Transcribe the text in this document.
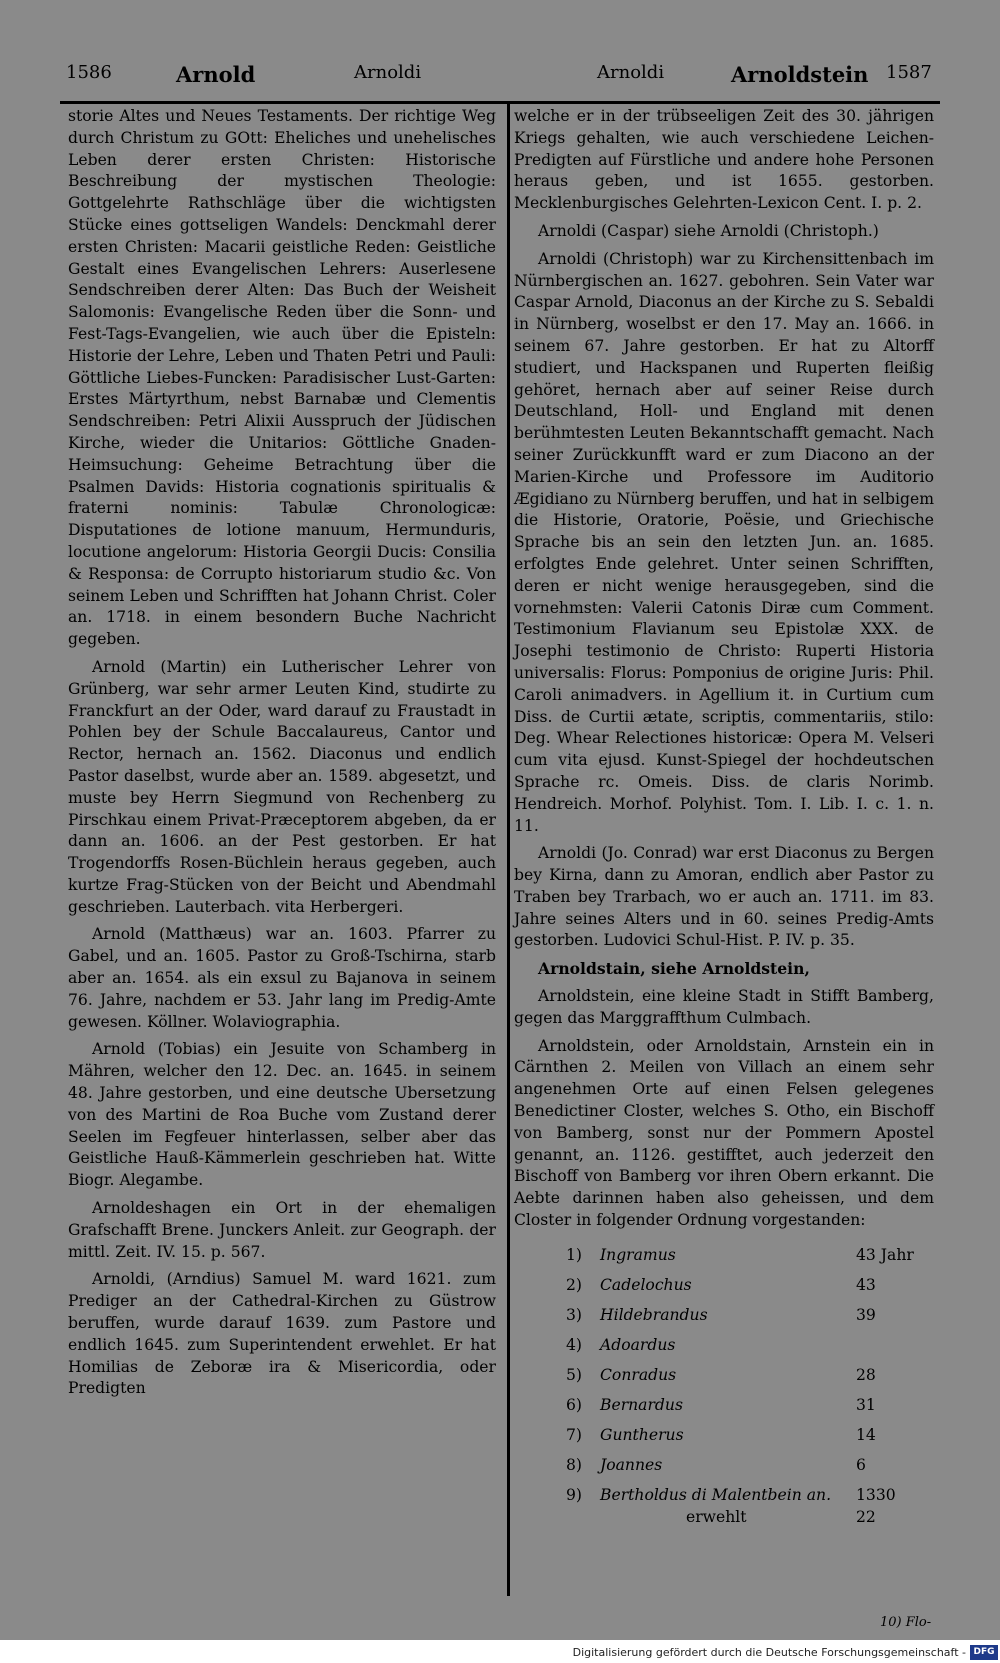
1586	Arnold	Arnoldi	Arnoldi	Arnoldstein 1587

storie Altes und Neues Testaments. Der richtige Weg durch Christum zu GOtt: Eheliches und unehelisches Leben derer ersten Christen: Historische Beschreibung der mystischen Theologie: Gottgelehrte Rathschläge über die wichtigsten Stücke eines gottseligen Wandels: Denckmahl derer ersten Christen: Macarii geistliche Reden: Geistliche Gestalt eines Evangelischen Lehrers: Auserlesene Sendschreiben derer Alten: Das Buch der Weisheit Salomonis: Evangelische Reden über die Sonn- und Fest-Tags-Evangelien, wie auch über die Episteln: Historie der Lehre, Leben und Thaten Petri und Pauli: Göttliche Liebes-Funcken: Paradisischer Lust-Garten: Erstes Märtyrthum, nebst Barnabæ und Clementis Sendschreiben: Petri Alixii Ausspruch der Jüdischen Kirche, wieder die Unitarios: Göttliche Gnaden-Heimsuchung: Geheime Betrachtung über die Psalmen Davids: Historia cognationis spiritualis & fraterni nominis: Tabulæ Chronologicæ: Disputationes de lotione manuum, Hermunduris, locutione angelorum: Historia Georgii Ducis: Consilia & Responsa: de Corrupto historiarum studio &c. Von seinem Leben und Schrifften hat Johann Christ. Coler an. 1718. in einem besondern Buche Nachricht gegeben.

Arnold (Martin) ein Lutherischer Lehrer von Grünberg, war sehr armer Leuten Kind, studirte zu Franckfurt an der Oder, ward darauf zu Fraustadt in Pohlen bey der Schule Baccalaureus, Cantor und Rector, hernach an. 1562. Diaconus und endlich Pastor daselbst, wurde aber an. 1589. abgesetzt, und muste bey Herrn Siegmund von Rechenberg zu Pirschkau einem Privat-Præceptorem abgeben, da er dann an. 1606. an der Pest gestorben. Er hat Trogendorffs Rosen-Büchlein heraus gegeben, auch kurtze Frag-Stücken von der Beicht und Abendmahl geschrieben. Lauterbach. vita Herbergeri.

Arnold (Matthæus) war an. 1603. Pfarrer zu Gabel, und an. 1605. Pastor zu Groß-Tschirna, starb aber an. 1654. als ein exsul zu Bajanova in seinem 76. Jahre, nachdem er 53. Jahr lang im Predig-Amte gewesen. Köllner. Wolaviographia.

Arnold (Tobias) ein Jesuite von Schamberg in Mähren, welcher den 12. Dec. an. 1645. in seinem 48. Jahre gestorben, und eine deutsche Ubersetzung von des Martini de Roa Buche vom Zustand derer Seelen im Fegfeuer hinterlassen, selber aber das Geistliche Hauß-Kämmerlein geschrieben hat. Witte Biogr. Alegambe.

Arnoldeshagen ein Ort in der ehemaligen Grafschafft Brene. Junckers Anleit. zur Geograph. der mittl. Zeit. IV. 15. p. 567.

Arnoldi, (Arndius) Samuel M. ward 1621. zum Prediger an der Cathedral-Kirchen zu Güstrow beruffen, wurde darauf 1639. zum Pastore und endlich 1645. zum Superintendent erwehlet. Er hat Homilias de Zeboræ ira & Misericordia, oder Predigten

welche er in der trübseeligen Zeit des 30. jährigen Kriegs gehalten, wie auch verschiedene Leichen-Predigten auf Fürstliche und andere hohe Personen heraus geben, und ist 1655. gestorben. Mecklenburgisches Gelehrten-Lexicon Cent. I. p. 2.

Arnoldi (Caspar) siehe Arnoldi (Christoph.)

Arnoldi (Christoph) war zu Kirchensittenbach im Nürnbergischen an. 1627. gebohren. Sein Vater war Caspar Arnold, Diaconus an der Kirche zu S. Sebaldi in Nürnberg, woselbst er den 17. May an. 1666. in seinem 67. Jahre gestorben. Er hat zu Altorff studiert, und Hackspanen und Ruperten fleißig gehöret, hernach aber auf seiner Reise durch Deutschland, Holl- und England mit denen berühmtesten Leuten Bekanntschafft gemacht. Nach seiner Zurückkunfft ward er zum Diacono an der Marien-Kirche und Professore im Auditorio Ægidiano zu Nürnberg beruffen, und hat in selbigem die Historie, Oratorie, Poësie, und Griechische Sprache bis an sein den letzten Jun. an. 1685. erfolgtes Ende gelehret. Unter seinen Schrifften, deren er nicht wenige herausgegeben, sind die vornehmsten: Valerii Catonis Diræ cum Comment. Testimonium Flavianum seu Epistolæ XXX. de Josephi testimonio de Christo: Ruperti Historia universalis: Florus: Pomponius de origine Juris: Phil. Caroli animadvers. in Agellium it. in Curtium cum Diss. de Curtii ætate, scriptis, commentariis, stilo: Deg. Whear Relectiones historicæ: Opera M. Velseri cum vita ejusd. Kunst-Spiegel der hochdeutschen Sprache rc. Omeis. Diss. de claris Norimb. Hendreich. Morhof. Polyhist. Tom. I. Lib. I. c. 1. n. 11.

Arnoldi (Jo. Conrad) war erst Diaconus zu Bergen bey Kirna, dann zu Amoran, endlich aber Pastor zu Traben bey Trarbach, wo er auch an. 1711. im 83. Jahre seines Alters und in 60. seines Predig-Amts gestorben. Ludovici Schul-Hist. P. IV. p. 35.

Arnoldstain, siehe Arnoldstein,

Arnoldstein, eine kleine Stadt in Stifft Bamberg, gegen das Marggraffthum Culmbach.

Arnoldstein, oder Arnoldstain, Arnstein ein in Cärnthen 2. Meilen von Villach an einem sehr angenehmen Orte auf einen Felsen gelegenes Benedictiner Closter, welches S. Otho, ein Bischoff von Bamberg, sonst nur der Pommern Apostel genannt, an. 1126. gestifftet, auch jederzeit den Bischoff von Bamberg vor ihren Obern erkannt. Die Aebte darinnen haben also geheissen, und dem Closter in folgender Ordnung vorgestanden:

1) Ingramus	43 Jahr
2) Cadelochus	43
3) Hildebrandus	39
4) Adoardus
5) Conradus	28
6) Bernardus	31
7) Guntherus	14
8) Joannes	6
9) Bertholdus di Malentbein an. 1330
erwehlt	22
10) Flo-
Digitalisierung gefördert durch die Deutsche Forschungsgemeinschaft - DFG
